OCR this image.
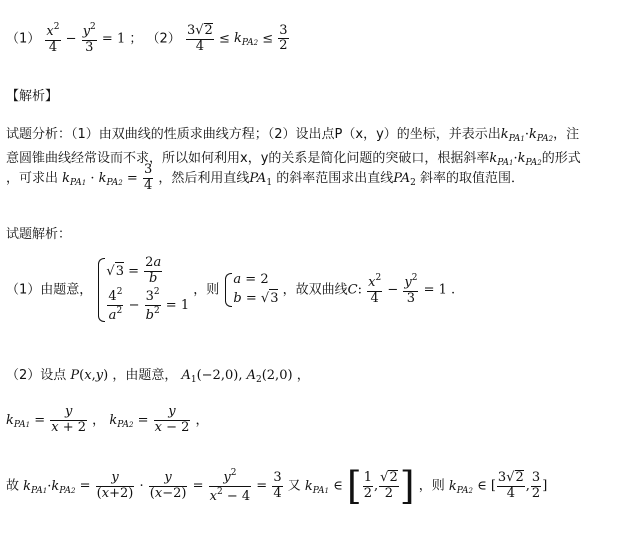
$(1) \frac{x^2}{4} - \frac{y^2}{3} = 1$ ； $(2) \frac{3√2}{4} \le k_{PA2} \le \frac{3}{2}$
【解析】
试题分析：（1）由双曲线的性质求曲线方程；（2）设出点P（x，y）的坐标，并表示出$k_{PA1}\cdot k_{PA2}$，注
意圆锥曲线经常设而不求，所以如何利用x，y的关系是简化问题的突破口，根据斜率$k_{PA1}\cdot k_{PA2}$的形式
，可求出 $k_{PA1} \cdot k_{PA2} = \frac{3}{4}$ ，然后利用直线$PA_1$ 的斜率范围求出直线$PA_2$ 斜率的取值范围．
试题解析：
（1）由题意，
$√3 = \frac{2a}{b}$
$\frac{4^2}{a^2} - \frac{3^2}{b^2} = 1$
，则
a = 2
b = √3
，故双曲线C: $\frac{x^2}{4} - \frac{y^2}{3} = 1$ .
（2）设点 P(x,y) ，由题意， $A_1(-2,0)$, $A_2(2,0)$ ，
$k_{PA1} = \frac{y}{x + 2}$ ， $k_{PA2} = \frac{y}{x - 2}$ ，
故 $k_{PA1}\cdot k_{PA2} = \frac{y}{(x+2)} \cdot \frac{y}{(x-2)} = \frac{y^2}{x^2 - 4} = \frac{3}{4}$ 又 $k_{PA1}$ ∈ [ $\frac{1}{2}$ , $\frac{√2}{2}$ ] ，则 $k_{PA2}$ ∈ [ $\frac{3√2}{4}$ , $\frac{3}{2}$ ]
